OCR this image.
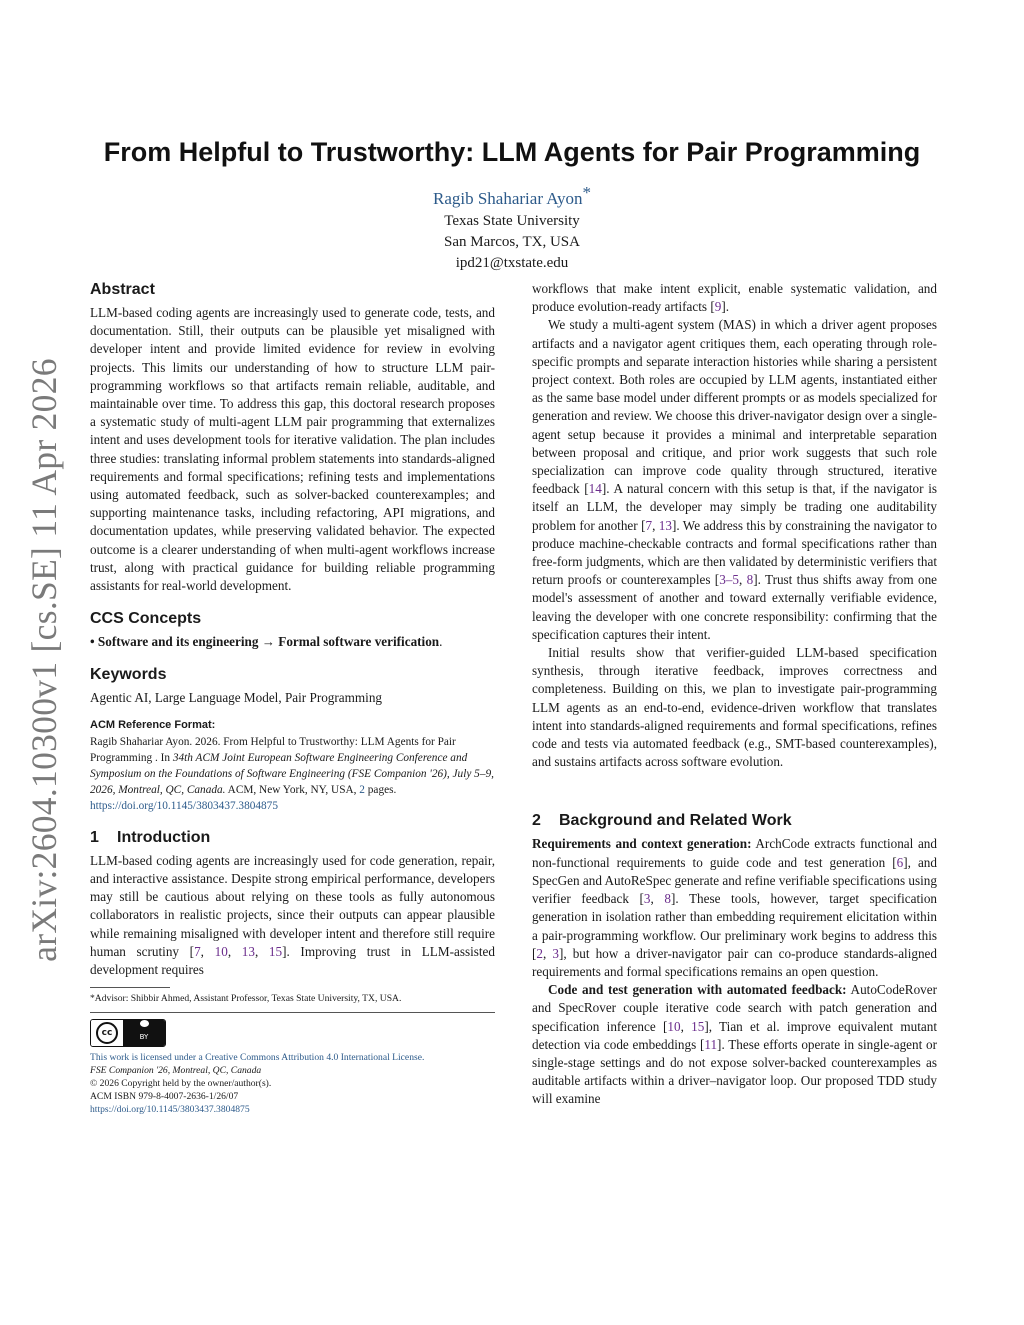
arXiv:2604.10300v1 [cs.SE] 11 Apr 2026
From Helpful to Trustworthy: LLM Agents for Pair Programming
Ragib Shahariar Ayon*
Texas State University
San Marcos, TX, USA
ipd21@txstate.edu
Abstract

LLM-based coding agents are increasingly used to generate code, tests, and documentation. Still, their outputs can be plausible yet misaligned with developer intent and provide limited evidence for review in evolving projects. This limits our understanding of how to structure LLM pair-programming workflows so that artifacts remain reliable, auditable, and maintainable over time. To address this gap, this doctoral research proposes a systematic study of multi-agent LLM pair programming that externalizes intent and uses development tools for iterative validation. The plan includes three studies: translating informal problem statements into standards-aligned requirements and formal specifications; refining tests and implementations using automated feedback, such as solver-backed counterexamples; and supporting maintenance tasks, including refactoring, API migrations, and documentation updates, while preserving validated behavior. The expected outcome is a clearer understanding of when multi-agent workflows increase trust, along with practical guidance for building reliable programming assistants for real-world development.

CCS Concepts

• Software and its engineering → Formal software verification.

Keywords

Agentic AI, Large Language Model, Pair Programming

ACM Reference Format:

Ragib Shahariar Ayon. 2026. From Helpful to Trustworthy: LLM Agents for Pair Programming . In 34th ACM Joint European Software Engineering Conference and Symposium on the Foundations of Software Engineering (FSE Companion '26), July 5–9, 2026, Montreal, QC, Canada. ACM, New York, NY, USA, 2 pages. https://doi.org/10.1145/3803437.3804875

1 Introduction

LLM-based coding agents are increasingly used for code generation, repair, and interactive assistance. Despite strong empirical performance, developers may still be cautious about relying on these tools as fully autonomous collaborators in realistic projects, since their outputs can appear plausible while remaining misaligned with developer intent and therefore still require human scrutiny [7, 10, 13, 15]. Improving trust in LLM-assisted development requires

*Advisor: Shibbir Ahmed, Assistant Professor, Texas State University, TX, USA.

cc	BY
This work is licensed under a Creative Commons Attribution 4.0 International License.
FSE Companion '26, Montreal, QC, Canada
© 2026 Copyright held by the owner/author(s).
ACM ISBN 979-8-4007-2636-1/26/07
https://doi.org/10.1145/3803437.3804875

workflows that make intent explicit, enable systematic validation, and produce evolution-ready artifacts [9].

We study a multi-agent system (MAS) in which a driver agent proposes artifacts and a navigator agent critiques them, each operating through role-specific prompts and separate interaction histories while sharing a persistent project context. Both roles are occupied by LLM agents, instantiated either as the same base model under different prompts or as models specialized for generation and review. We choose this driver-navigator design over a single-agent setup because it provides a minimal and interpretable separation between proposal and critique, and prior work suggests that such role specialization can improve code quality through structured, iterative feedback [14]. A natural concern with this setup is that, if the navigator is itself an LLM, the developer may simply be trading one auditability problem for another [7, 13]. We address this by constraining the navigator to produce machine-checkable contracts and formal specifications rather than free-form judgments, which are then validated by deterministic verifiers that return proofs or counterexamples [3–5, 8]. Trust thus shifts away from one model's assessment of another and toward externally verifiable evidence, leaving the developer with one concrete responsibility: confirming that the specification captures their intent.

Initial results show that verifier-guided LLM-based specification synthesis, through iterative feedback, improves correctness and completeness. Building on this, we plan to investigate pair-programming LLM agents as an end-to-end, evidence-driven workflow that translates intent into standards-aligned requirements and formal specifications, refines code and tests via automated feedback (e.g., SMT-based counterexamples), and sustains artifacts across software evolution.

2 Background and Related Work

Requirements and context generation: ArchCode extracts functional and non-functional requirements to guide code and test generation [6], and SpecGen and AutoReSpec generate and refine verifiable specifications using verifier feedback [3, 8]. These tools, however, target specification generation in isolation rather than embedding requirement elicitation within a pair-programming workflow. Our preliminary work begins to address this [2, 3], but how a driver-navigator pair can co-produce standards-aligned requirements and formal specifications remains an open question.

Code and test generation with automated feedback: AutoCodeRover and SpecRover couple iterative code search with patch generation and specification inference [10, 15], Tian et al. improve equivalent mutant detection via code embeddings [11]. These efforts operate in single-agent or single-stage settings and do not expose solver-backed counterexamples as auditable artifacts within a driver–navigator loop. Our proposed TDD study will examine
